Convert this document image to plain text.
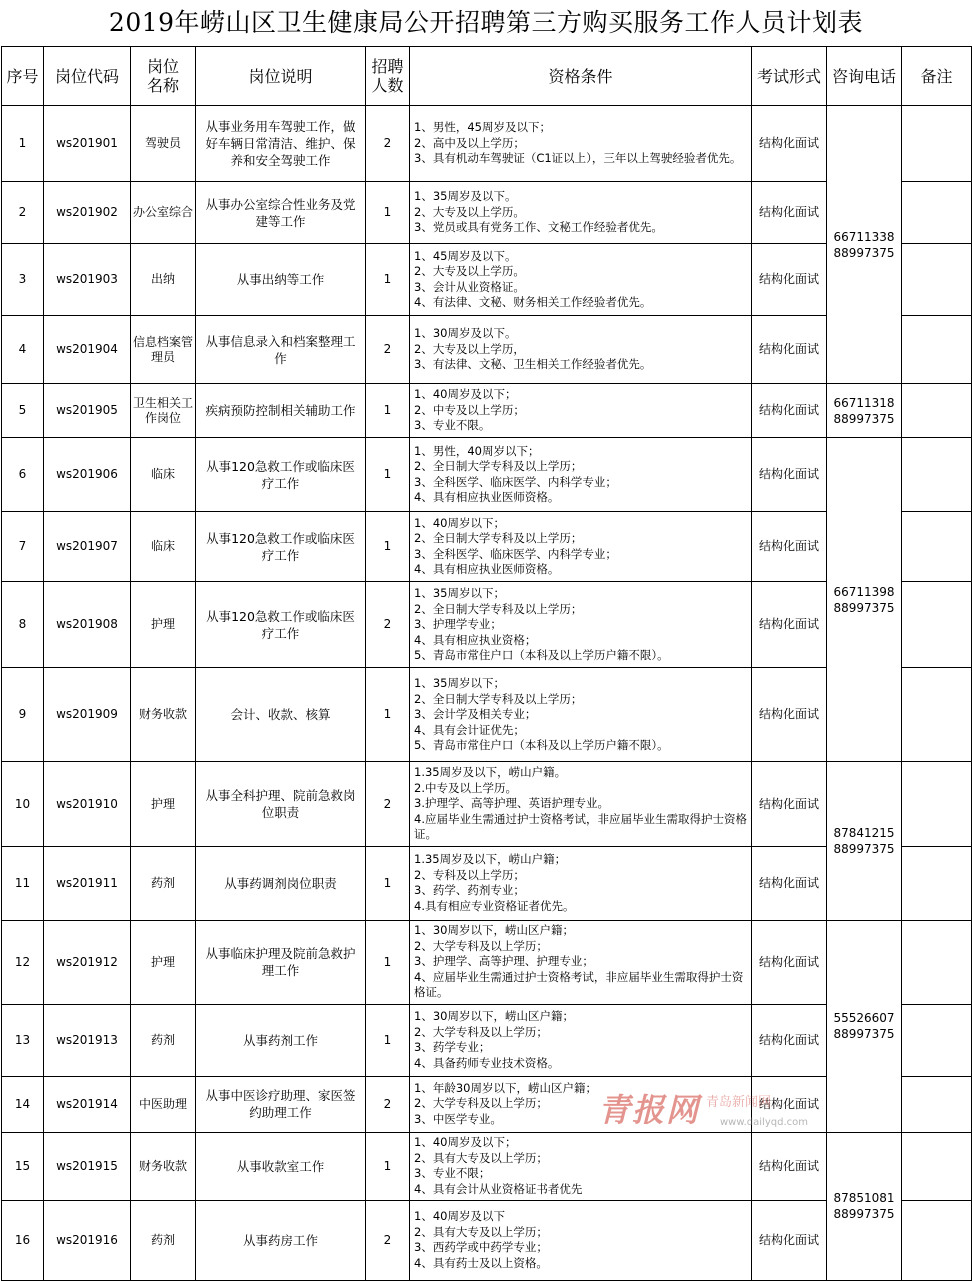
2019年崂山区卫生健康局公开招聘第三方购买服务工作人员计划表
序号	岗位代码	岗位
名称	岗位说明	招聘
人数	资格条件	考试形式	咨询电话	备注
1	ws201901	驾驶员	从事业务用车驾驶工作，做好车辆日常清洁、维护、保养和安全驾驶工作	2	1、男性，45周岁及以下；
2、高中及以上学历；
3、具有机动车驾驶证（C1证以上），三年以上驾驶经验者优先。	结构化面试	66711338
88997375	

2	ws201902	办公室综合	从事办公室综合性业务及党建等工作	1	1、35周岁及以下。
2、大专及以上学历。
3、党员或具有党务工作、文秘工作经验者优先。	结构化面试		
3	ws201903	出纳	从事出纳等工作	1	1、45周岁及以下。
2、大专及以上学历。
3、会计从业资格证。
4、有法律、文秘、财务相关工作经验者优先。	结构化面试		
4	ws201904	信息档案管理员	从事信息录入和档案整理工作	2	1、30周岁及以下。
2、大专及以上学历，
3、有法律、文秘、卫生相关工作经验者优先。	结构化面试		
5	ws201905	卫生相关工作岗位	疾病预防控制相关辅助工作	1	1、40周岁及以下；
2、中专及以上学历；
3、专业不限。	结构化面试	66711318
88997375	

6	ws201906	临床	从事120急救工作或临床医疗工作	1	1、男性，40周岁以下；
2、全日制大学专科及以上学历；
3、全科医学、临床医学、内科学专业；
4、具有相应执业医师资格。	结构化面试	66711398
88997375	

7	ws201907	临床	从事120急救工作或临床医疗工作	1	1、40周岁以下；
2、全日制大学专科及以上学历；
3、全科医学、临床医学、内科学专业；
4、具有相应执业医师资格。	结构化面试		
8	ws201908	护理	从事120急救工作或临床医疗工作	2	1、35周岁以下；
2、全日制大学专科及以上学历；
3、护理学专业；
4、具有相应执业资格；
5、青岛市常住户口（本科及以上学历户籍不限）。	结构化面试		
9	ws201909	财务收款	会计、收款、核算	1	1、35周岁以下；
2、全日制大学专科及以上学历；
3、会计学及相关专业；
4、具有会计证优先；
5、青岛市常住户口（本科及以上学历户籍不限）。	结构化面试		
10	ws201910	护理	从事全科护理、院前急救岗位职责	2	1.35周岁及以下，崂山户籍。
2.中专及以上学历。
3.护理学、高等护理、英语护理专业。
4.应届毕业生需通过护士资格考试，非应届毕业生需取得护士资格证。	结构化面试	87841215
88997375	

11	ws201911	药剂	从事药调剂岗位职责	1	1.35周岁及以下，崂山户籍；
2、专科及以上学历；
3、药学、药剂专业；
4.具有相应专业资格证者优先。	结构化面试		
12	ws201912	护理	从事临床护理及院前急救护理工作	1	1、30周岁以下，崂山区户籍；
2、大学专科及以上学历；
3、护理学、高等护理、护理专业；
4、应届毕业生需通过护士资格考试，非应届毕业生需取得护士资格证。	结构化面试	55526607
88997375	

13	ws201913	药剂	从事药剂工作	1	1、30周岁以下，崂山区户籍；
2、大学专科及以上学历；
3、药学专业；
4、具备药师专业技术资格。	结构化面试		
14	ws201914	中医助理	从事中医诊疗助理、家医签约助理工作	2	1、年龄30周岁以下，崂山区户籍；
2、大学专科及以上学历；
3、中医学专业。	结构化面试		
15	ws201915	财务收款	从事收款室工作	1	1、40周岁及以下；
2、具有大专及以上学历；
3、专业不限；
4、具有会计从业资格证书者优先	结构化面试	87851081
88997375	

16	ws201916	药剂	从事药房工作	2	1、40周岁及以下
2、具有大专及以上学历；
3、西药学或中药学专业；
4、具有药士及以上资格。	结构化面试		
青报网 青岛新闻网
www.dailyqd.com
